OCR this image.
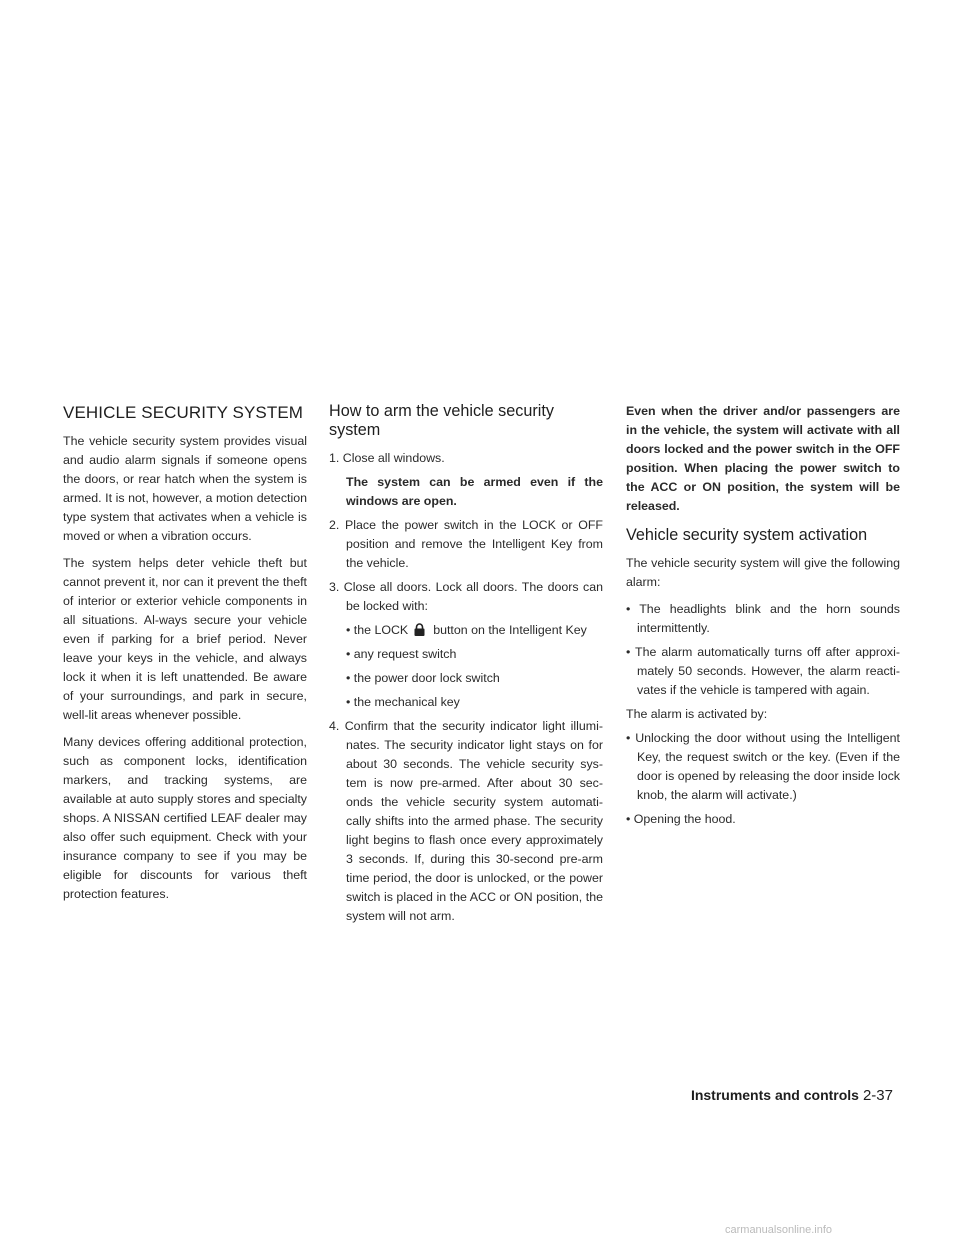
VEHICLE SECURITY SYSTEM

The vehicle security system provides visual and audio alarm signals if someone opens the doors, or rear hatch when the system is armed. It is not, however, a motion detection type system that activates when a vehicle is moved or when a vibration occurs.

The system helps deter vehicle theft but cannot prevent it, nor can it prevent the theft of interior or exterior vehicle components in all situations. Al-ways secure your vehicle even if parking for a brief period. Never leave your keys in the vehicle, and always lock it when it is left unattended. Be aware of your surroundings, and park in secure, well-lit areas whenever possible.

Many devices offering additional protection, such as component locks, identification markers, and tracking systems, are available at auto supply stores and specialty shops. A NISSAN certified LEAF dealer may also offer such equipment. Check with your insurance company to see if you may be eligible for discounts for various theft protection features.

How to arm the vehicle security system
1. Close all windows.
The system can be armed even if the windows are open.
2. Place the power switch in the LOCK or OFF position and remove the Intelligent Key from the vehicle.
3. Close all doors. Lock all doors. The doors can be locked with:
• the LOCK button on the Intelligent Key
• any request switch
• the power door lock switch
• the mechanical key
4. Confirm that the security indicator light illumi-nates. The security indicator light stays on for about 30 seconds. The vehicle security sys-tem is now pre-armed. After about 30 sec-onds the vehicle security system automati-cally shifts into the armed phase. The security light begins to flash once every approximately 3 seconds. If, during this 30-second pre-arm time period, the door is unlocked, or the power switch is placed in the ACC or ON position, the system will not arm.
Even when the driver and/or passengers are in the vehicle, the system will activate with all doors locked and the power switch in the OFF position. When placing the power switch to the ACC or ON position, the system will be released.
Vehicle security system activation

The vehicle security system will give the following alarm:

• The headlights blink and the horn sounds intermittently.
• The alarm automatically turns off after approxi-mately 50 seconds. However, the alarm reacti-vates if the vehicle is tampered with again.
The alarm is activated by:
• Unlocking the door without using the Intelligent Key, the request switch or the key. (Even if the door is opened by releasing the door inside lock knob, the alarm will activate.)
• Opening the hood.
Instruments and controls 2-37
carmanualsonline.info
